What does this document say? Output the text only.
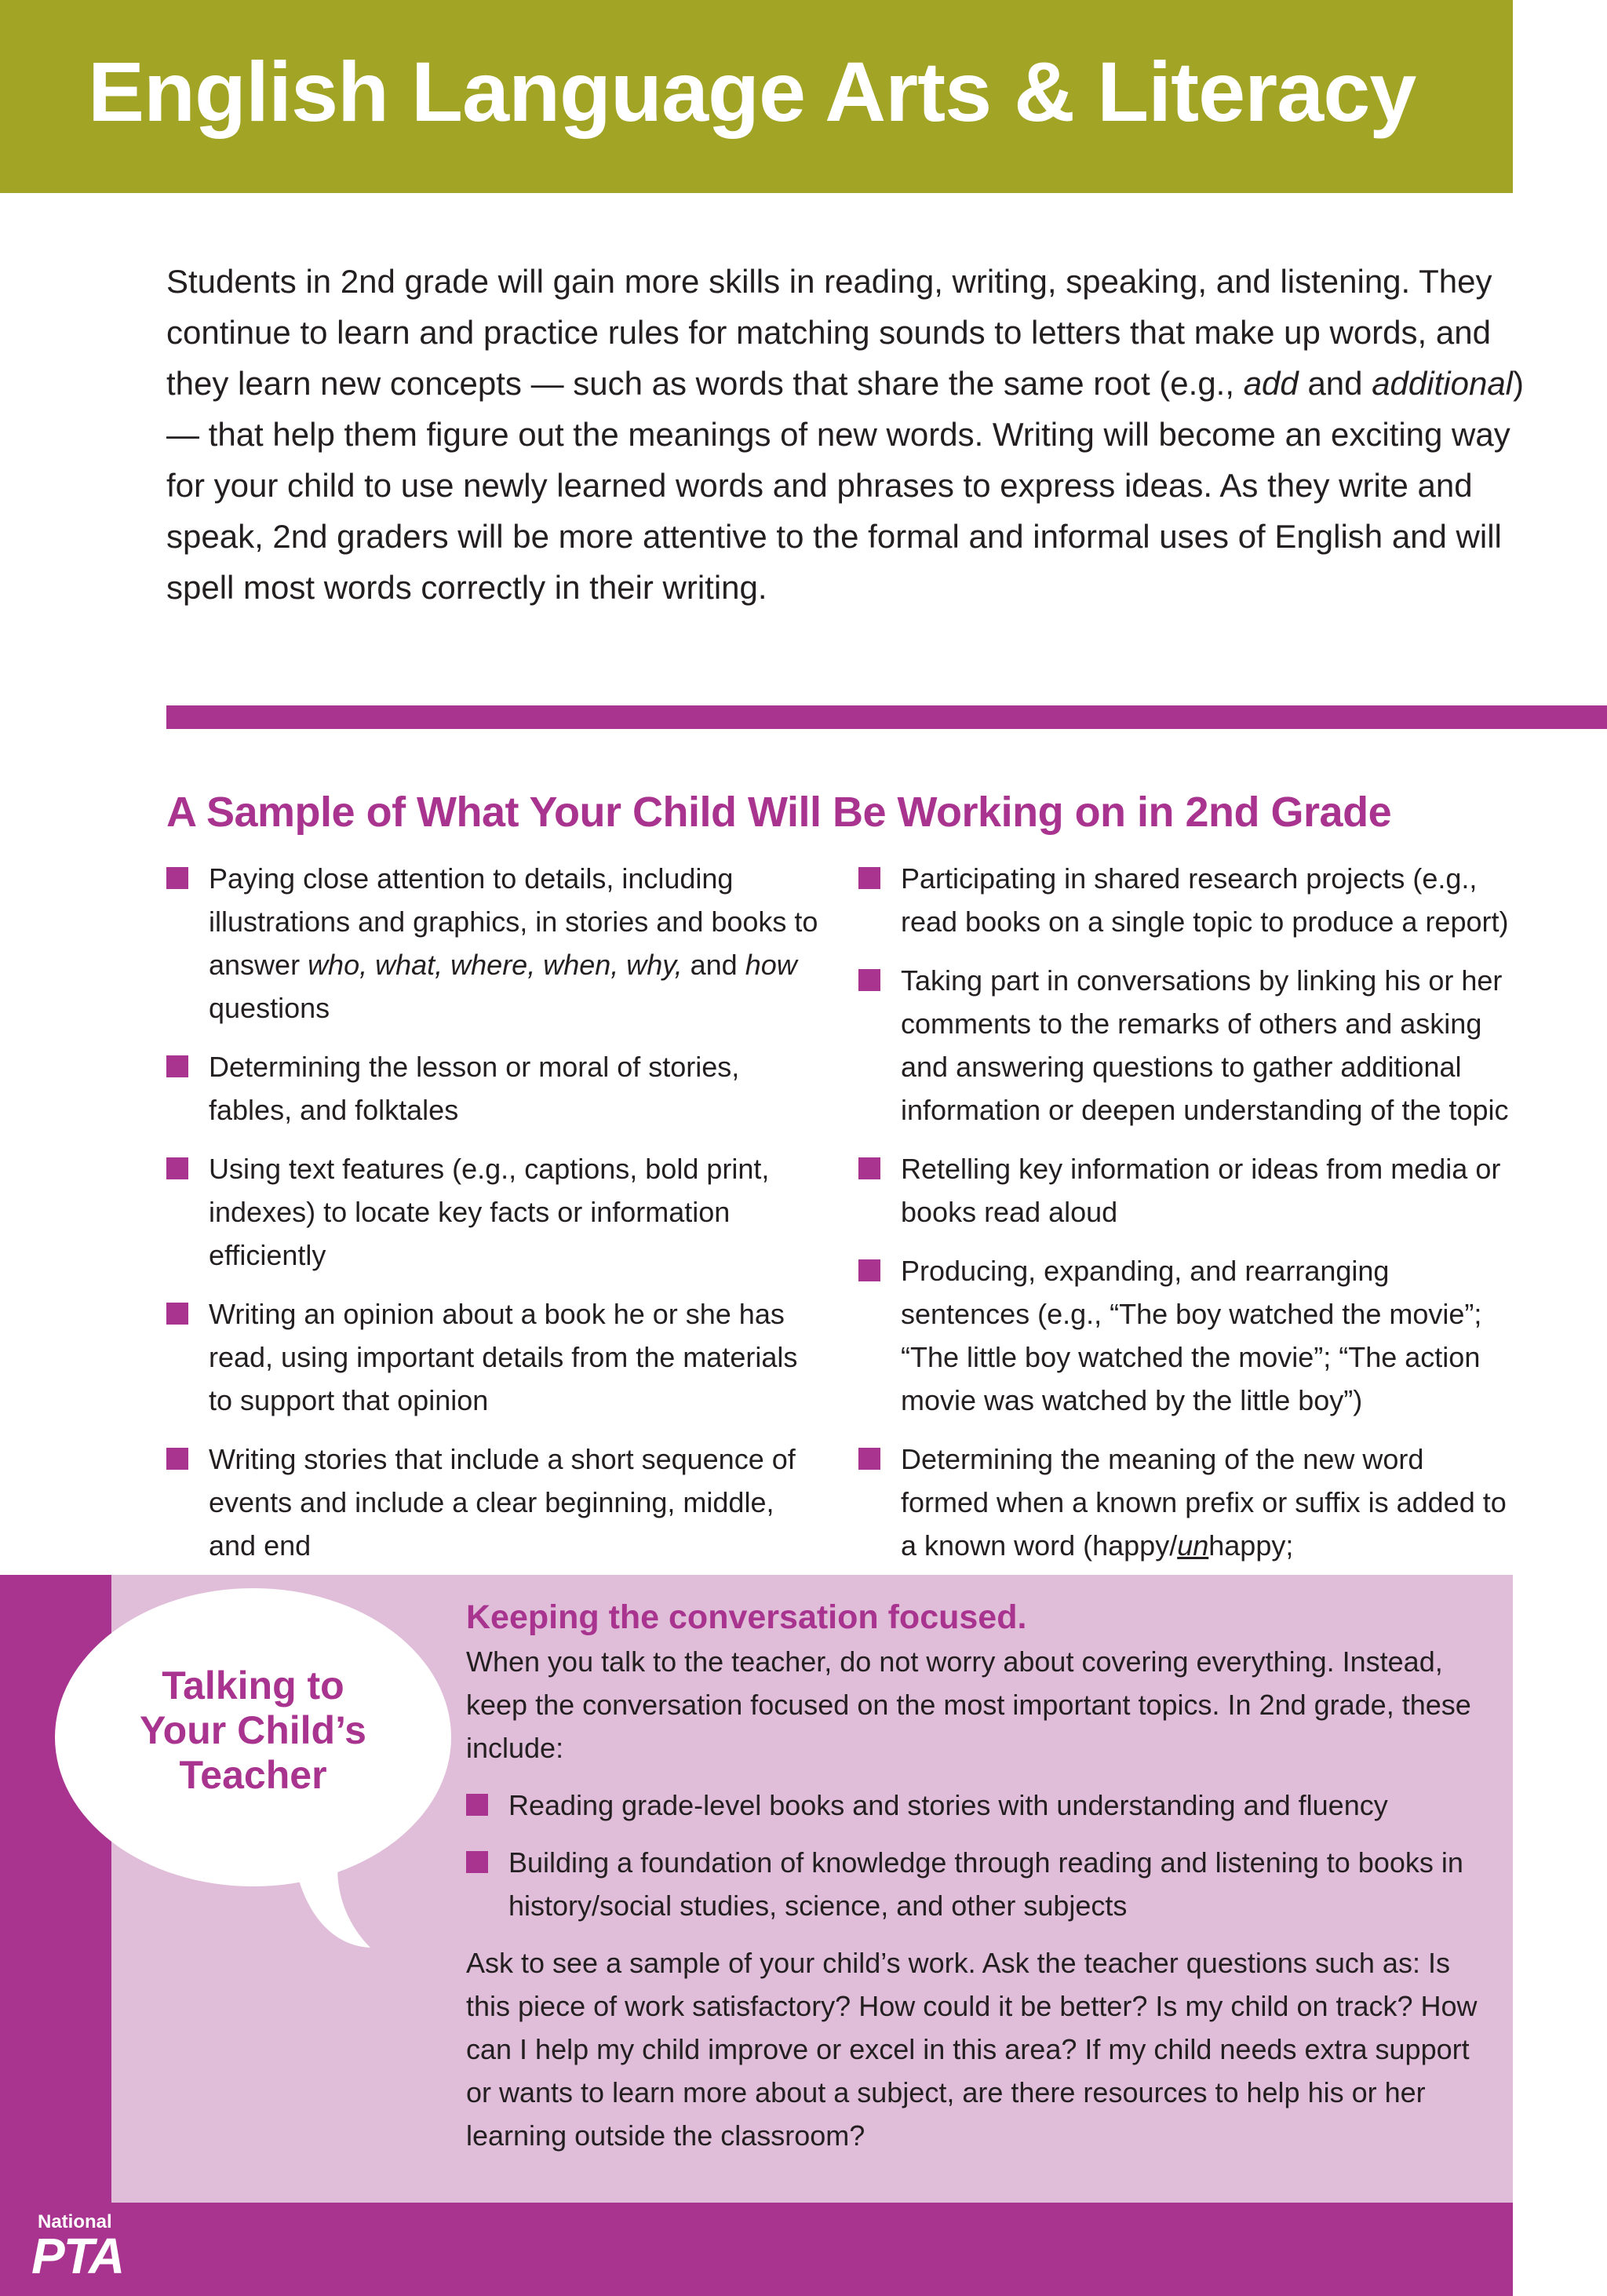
English Language Arts & Literacy

Students in 2nd grade will gain more skills in reading, writing, speaking, and listening. They continue to learn and practice rules for matching sounds to letters that make up words, and they learn new concepts — such as words that share the same root (e.g., add and additional) — that help them figure out the meanings of new words. Writing will become an exciting way for your child to use newly learned words and phrases to express ideas. As they write and speak, 2nd graders will be more attentive to the formal and informal uses of English and will spell most words correctly in their writing.

A Sample of What Your Child Will Be Working on in 2nd Grade
Paying close attention to details, including illustrations and graphics, in stories and books to answer who, what, where, when, why, and how questions
Determining the lesson or moral of stories, fables, and folktales
Using text features (e.g., captions, bold print, indexes) to locate key facts or information efficiently
Writing an opinion about a book he or she has read, using important details from the materials to support that opinion
Writing stories that include a short sequence of events and include a clear beginning, middle, and end
Participating in shared research projects (e.g., read books on a single topic to produce a report)
Taking part in conversations by linking his or her comments to the remarks of others and asking and answering questions to gather additional information or deepen understanding of the topic
Retelling key information or ideas from media or books read aloud
Producing, expanding, and rearranging sentences (e.g., “The boy watched the movie”; “The little boy watched the movie”; “The action movie was watched by the little boy”)
Determining the meaning of the new word formed when a known prefix or suffix is added to a known word (happy/unhappy;

Talking to
Your Child’s
Teacher

Keeping the conversation focused.

When you talk to the teacher, do not worry about covering everything. Instead, keep the conversation focused on the most important topics. In 2nd grade, these include:

Reading grade-level books and stories with understanding and fluency
Building a foundation of knowledge through reading and listening to books in history/social studies, science, and other subjects

Ask to see a sample of your child’s work. Ask the teacher questions such as: Is this piece of work satisfactory? How could it be better? Is my child on track? How can I help my child improve or excel in this area? If my child needs extra support or wants to learn more about a subject, are there resources to help his or her learning outside the classroom?

National
PTA
